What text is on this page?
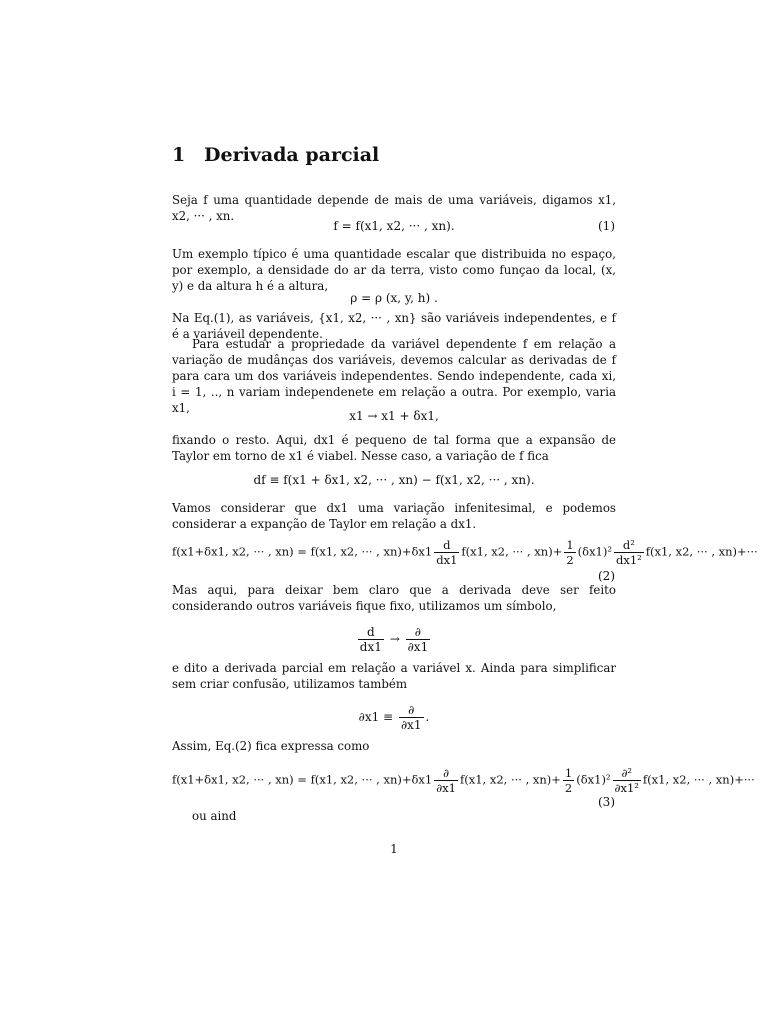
1 Derivada parcial

Seja f uma quantidade depende de mais de uma variáveis, digamos x1, x2, ··· , xn.

f = f(x1, x2, ··· , xn).	(1)

Um exemplo típico é uma quantidade escalar que distribuida no espaço, por exemplo, a densidade do ar da terra, visto como funçao da local, (x, y) e da altura h é a altura,

ρ = ρ (x, y, h) .

Na Eq.(1), as variáveis, {x1, x2, ··· , xn} são variáveis independentes, e f é a variáveil dependente.

Para estudar a propriedade da variável dependente f em relação a variação de mudânças dos variáveis, devemos calcular as derivadas de f para cara um dos variáveis independentes. Sendo independente, cada xi, i = 1, .., n variam independenete em relação a outra. Por exemplo, varia x1,

x1 → x1 + δx1,

fixando o resto. Aqui, dx1 é pequeno de tal forma que a expansão de Taylor em torno de x1 é viabel. Nesse caso, a variação de f fica

df ≡ f(x1 + δx1, x2, ··· , xn) − f(x1, x2, ··· , xn).

Vamos considerar que dx1 uma variação infenitesimal, e podemos considerar a expanção de Taylor em relação a dx1.

f(x1+δx1, x2, ··· , xn) = f(x1, x2, ··· , $xn)+\delta x1 \frac{d}{dx1} f(x1$, x2, ··· , $xn)+ \frac{1}{2} (\delta x1)^2 \frac{\text{d²}}{\text{dx1²}} f(x1$, x2, ··· , xn)+···
(2)

Mas aqui, para deixar bem claro que a derivada deve ser feito considerando outros variáveis fique fixo, utilizamos um símbolo,

$\frac{d}{dx1} \to \frac{\partial}{\partial x1}$

e dito a derivada parcial em relação a variável x. Ainda para simplificar sem criar confusão, utilizamos também

$\partial x1 \equiv \frac{\partial}{\partial x1}$ .

Assim, Eq.(2) fica expressa como

f(x1+δx1, x2, ··· , xn) = f(x1, x2, ··· , $xn)+\delta x1 \frac{\partial}{\partial x1} f(x1$, x2, ··· , $xn)+ \frac{1}{2} (\delta x1)^2 \frac{\text{∂²}}{\text{∂x1²}} f(x1$, x2, ··· , xn)+···
(3)

ou aind

1
